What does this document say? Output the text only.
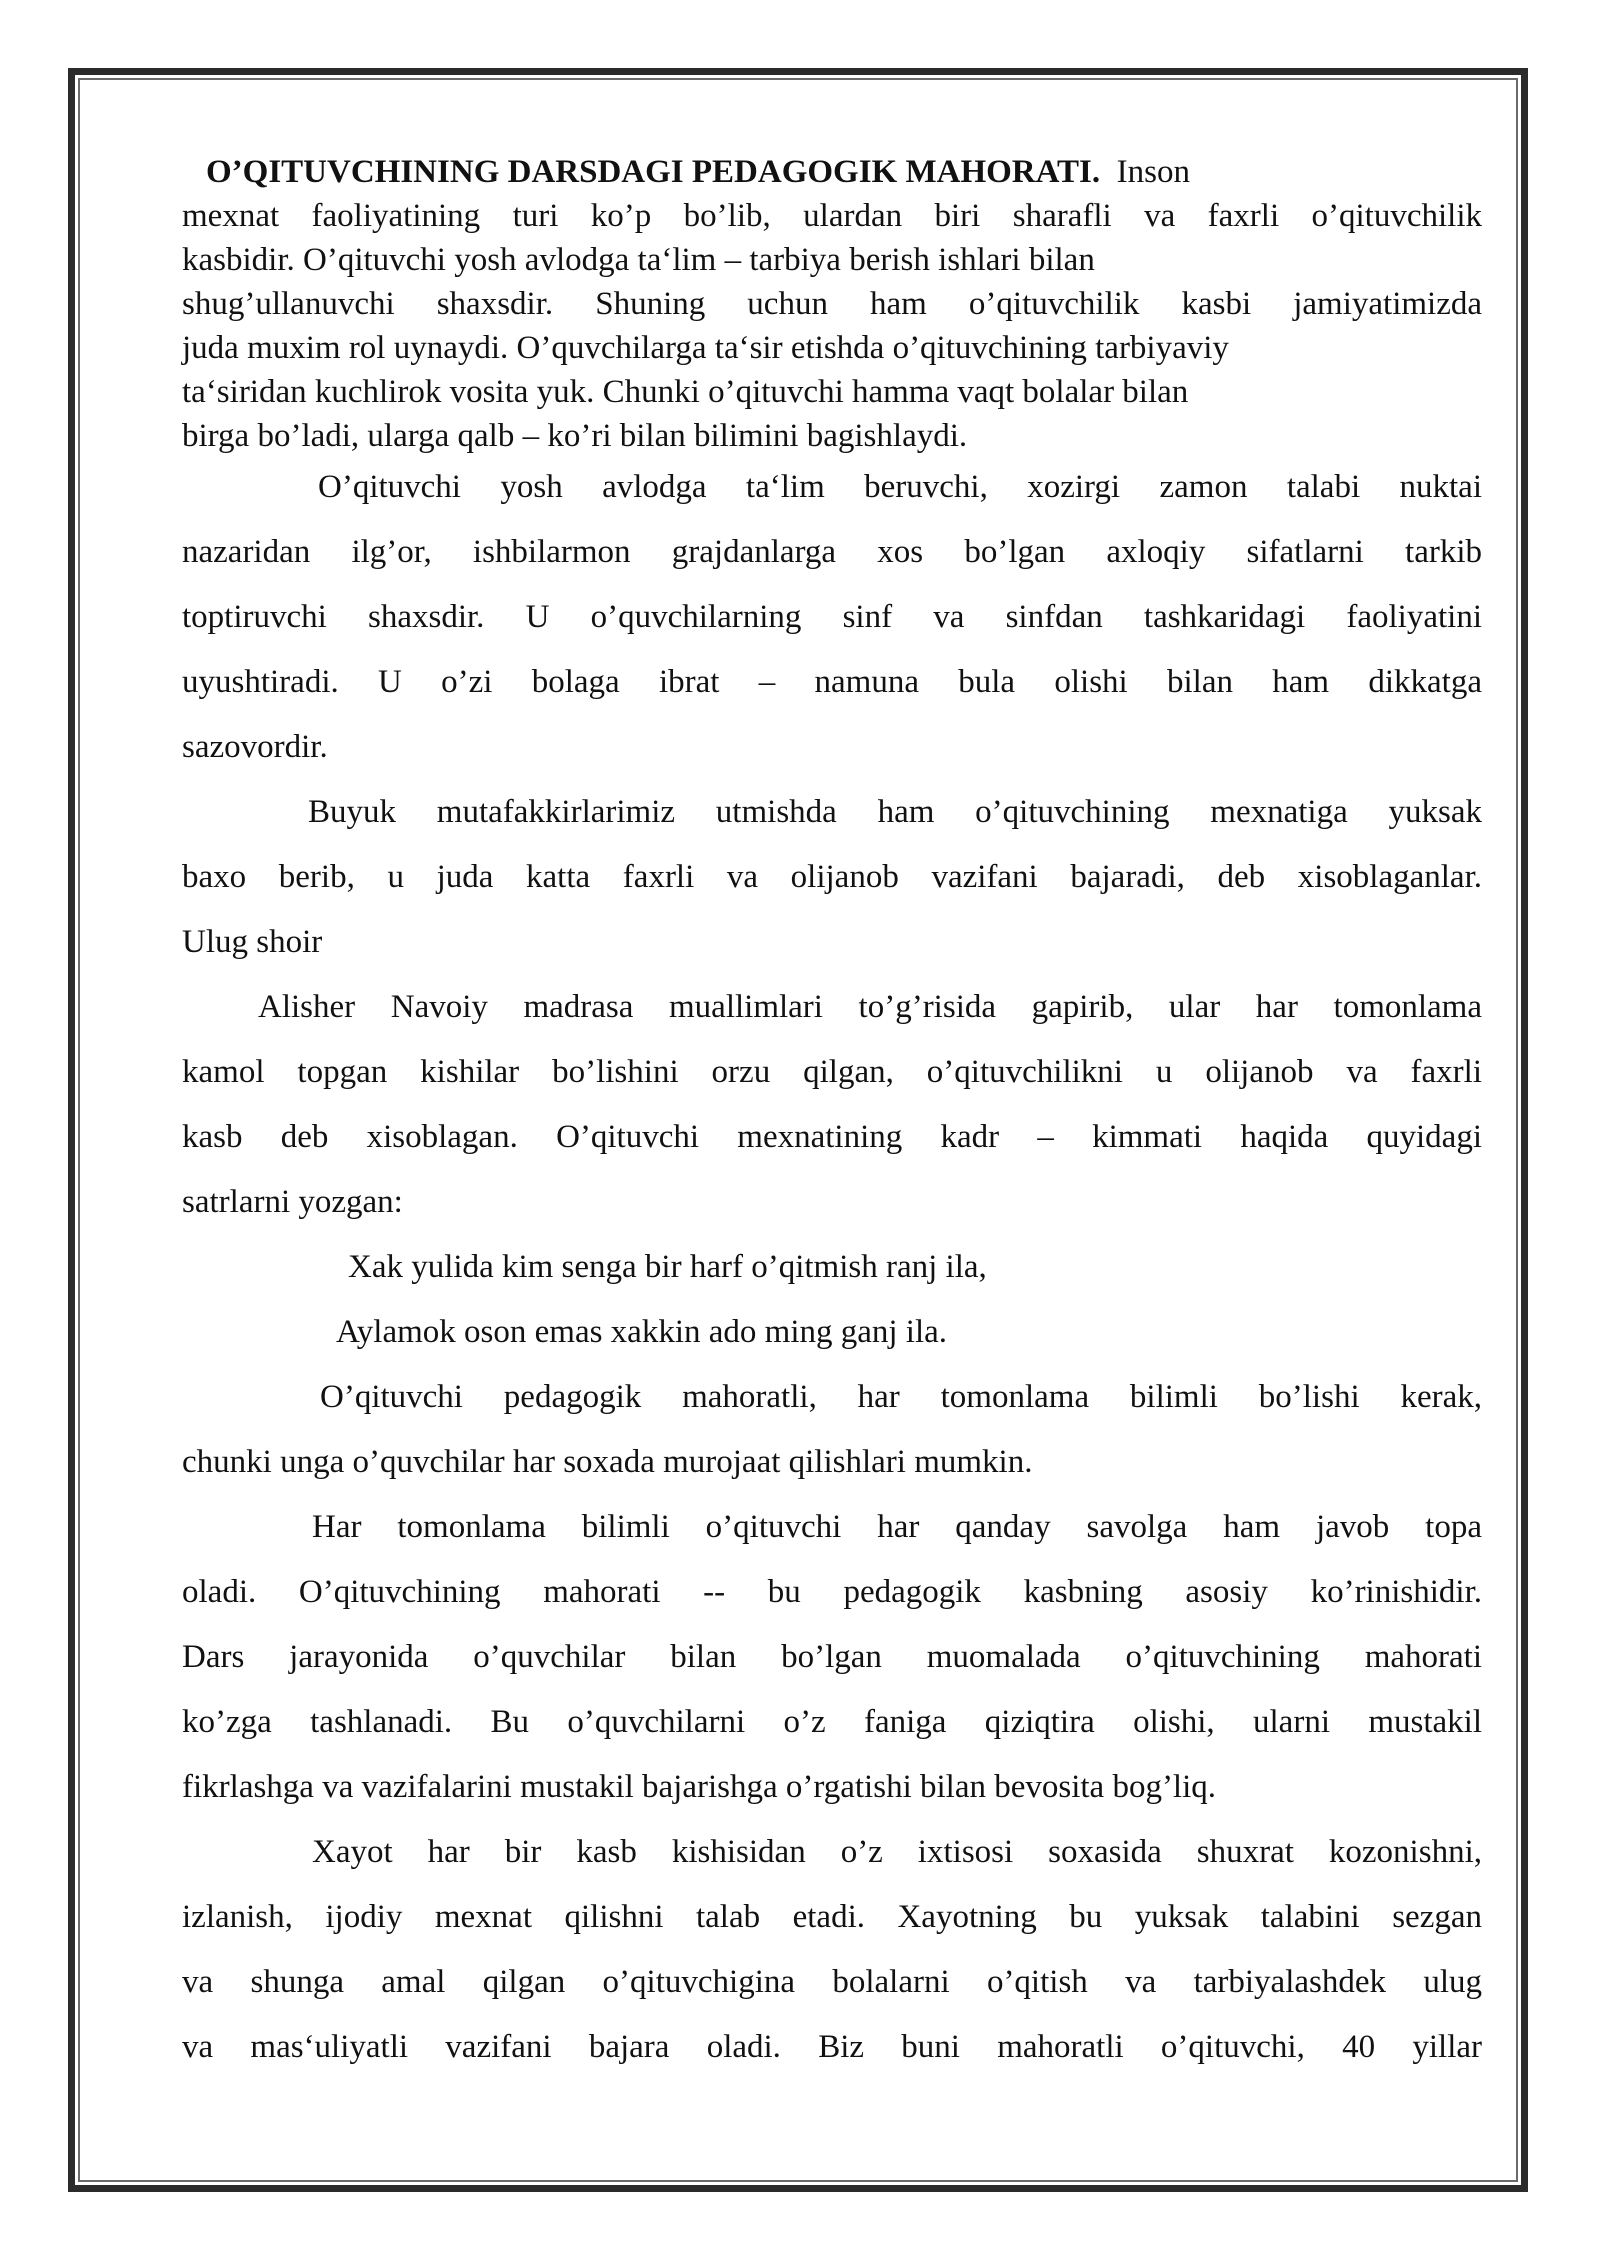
O’QITUVCHINING DARSDAGI PEDAGOGIK MAHORATI. Inson
mexnat faoliyatining turi ko’p bo’lib, ulardan biri sharafli va faxrli o’qituvchilik
kasbidir. O’qituvchi yosh avlodga ta‘lim – tarbiya berish ishlari bilan
shug’ullanuvchi shaxsdir. Shuning uchun ham o’qituvchilik kasbi jamiyatimizda
juda muxim rol uynaydi. O’quvchilarga ta‘sir etishda o’qituvchining tarbiyaviy
ta‘siridan kuchlirok vosita yuk. Chunki o’qituvchi hamma vaqt bolalar bilan
birga bo’ladi, ularga qalb – ko’ri bilan bilimini bagishlaydi.
O’qituvchi yosh avlodga ta‘lim beruvchi, xozirgi zamon talabi nuktai
nazaridan ilg’or, ishbilarmon grajdanlarga xos bo’lgan axloqiy sifatlarni tarkib
toptiruvchi shaxsdir. U o’quvchilarning sinf va sinfdan tashkaridagi faoliyatini
uyushtiradi. U o’zi bolaga ibrat – namuna bula olishi bilan ham dikkatga
sazovordir.
Buyuk mutafakkirlarimiz utmishda ham o’qituvchining mexnatiga yuksak
baxo berib, u juda katta faxrli va olijanob vazifani bajaradi, deb xisoblaganlar.
Ulug shoir
Alisher Navoiy madrasa muallimlari to’g’risida gapirib, ular har tomonlama
kamol topgan kishilar bo’lishini orzu qilgan, o’qituvchilikni u olijanob va faxrli
kasb deb xisoblagan. O’qituvchi mexnatining kadr – kimmati haqida quyidagi
satrlarni yozgan:
Xak yulida kim senga bir harf o’qitmish ranj ila,
Aylamok oson emas xakkin ado ming ganj ila.
O’qituvchi pedagogik mahoratli, har tomonlama bilimli bo’lishi kerak,
chunki unga o’quvchilar har soxada murojaat qilishlari mumkin.
Har tomonlama bilimli o’qituvchi har qanday savolga ham javob topa
oladi. O’qituvchining mahorati -- bu pedagogik kasbning asosiy ko’rinishidir.
Dars jarayonida o’quvchilar bilan bo’lgan muomalada o’qituvchining mahorati
ko’zga tashlanadi. Bu o’quvchilarni o’z faniga qiziqtira olishi, ularni mustakil
fikrlashga va vazifalarini mustakil bajarishga o’rgatishi bilan bevosita bog’liq.
Xayot har bir kasb kishisidan o’z ixtisosi soxasida shuxrat kozonishni,
izlanish, ijodiy mexnat qilishni talab etadi. Xayotning bu yuksak talabini sezgan
va shunga amal qilgan o’qituvchigina bolalarni o’qitish va tarbiyalashdek ulug
va mas‘uliyatli vazifani bajara oladi. Biz buni mahoratli o’qituvchi, 40 yillar
